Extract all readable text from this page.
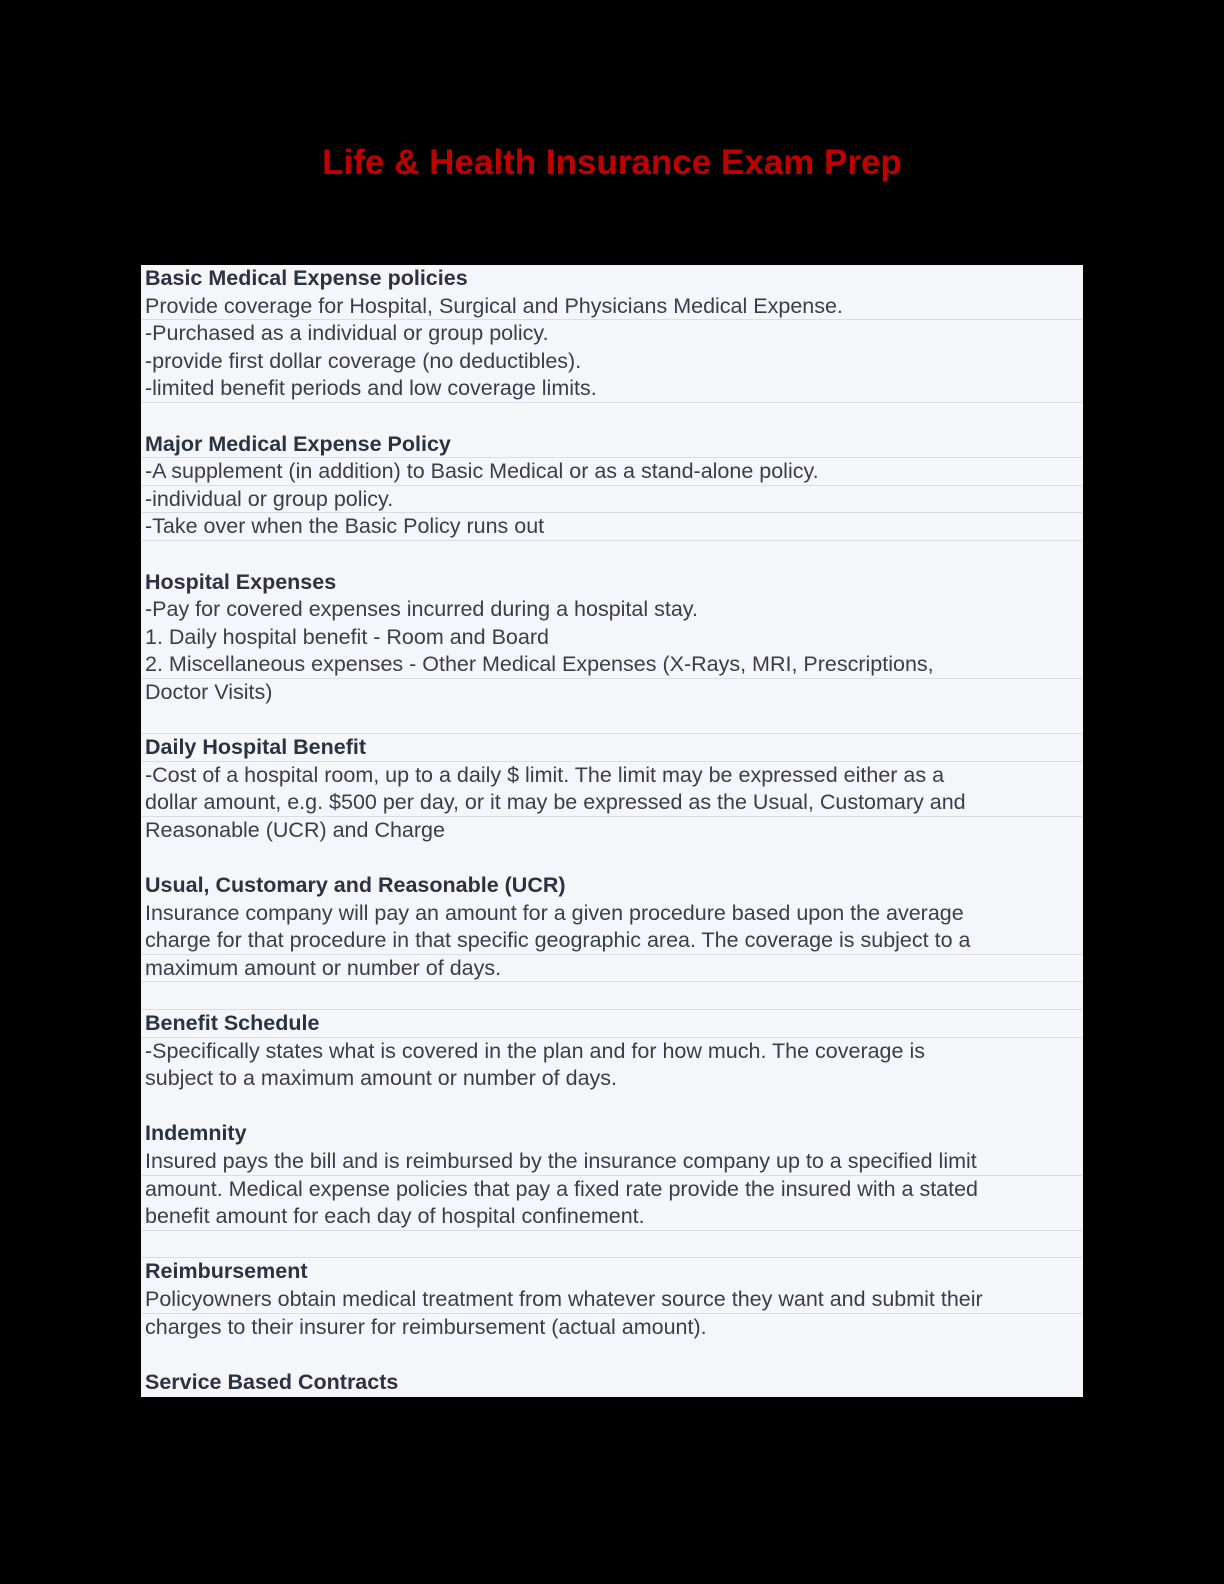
Life & Health Insurance Exam Prep
Basic Medical Expense policies
Provide coverage for Hospital, Surgical and Physicians Medical Expense.
-Purchased as a individual or group policy.
-provide first dollar coverage (no deductibles).
-limited benefit periods and low coverage limits.
Major Medical Expense Policy
-A supplement (in addition) to Basic Medical or as a stand-alone policy.
-individual or group policy.
-Take over when the Basic Policy runs out
Hospital Expenses
-Pay for covered expenses incurred during a hospital stay.
1. Daily hospital benefit - Room and Board
2. Miscellaneous expenses - Other Medical Expenses (X-Rays, MRI, Prescriptions,
Doctor Visits)
Daily Hospital Benefit
-Cost of a hospital room, up to a daily $ limit. The limit may be expressed either as a
dollar amount, e.g. $500 per day, or it may be expressed as the Usual, Customary and
Reasonable (UCR) and Charge
Usual, Customary and Reasonable (UCR)
Insurance company will pay an amount for a given procedure based upon the average
charge for that procedure in that specific geographic area. The coverage is subject to a
maximum amount or number of days.
Benefit Schedule
-Specifically states what is covered in the plan and for how much. The coverage is
subject to a maximum amount or number of days.
Indemnity
Insured pays the bill and is reimbursed by the insurance company up to a specified limit
amount. Medical expense policies that pay a fixed rate provide the insured with a stated
benefit amount for each day of hospital confinement.
Reimbursement
Policyowners obtain medical treatment from whatever source they want and submit their
charges to their insurer for reimbursement (actual amount).
Service Based Contracts
